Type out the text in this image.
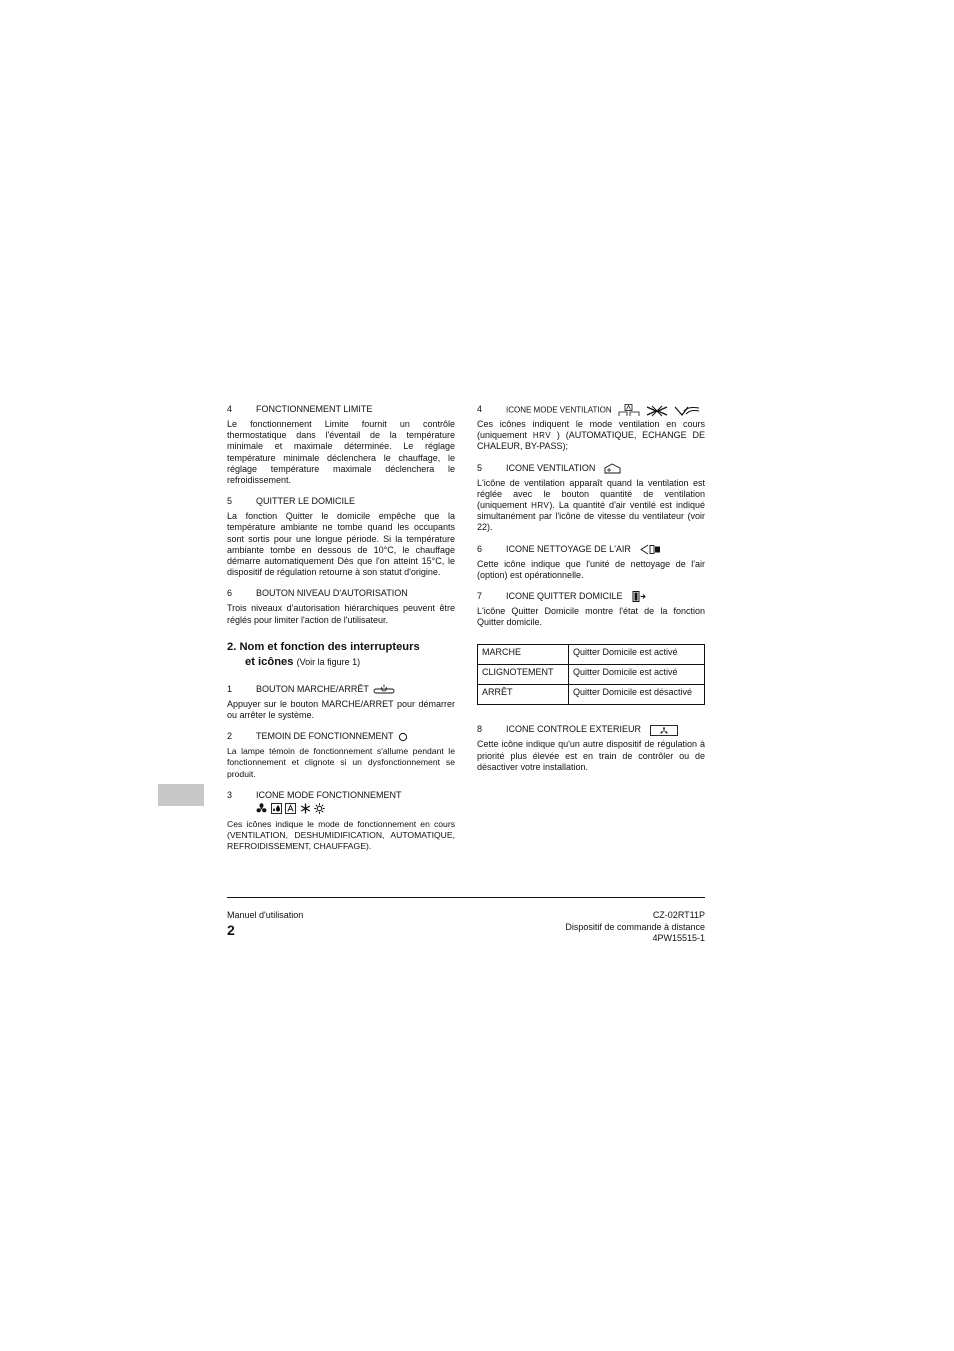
4	FONCTIONNEMENT LIMITE

Le fonctionnement Limite fournit un contrôle thermostatique dans l'éventail de la température minimale et maximale déterminée. Le réglage température minimale déclenchera le chauffage, le réglage température maximale déclenchera le refroidissement.

5	QUITTER LE DOMICILE

La fonction Quitter le domicile empêche que la température ambiante ne tombe quand les occupants sont sortis pour une longue période. Si la température ambiante tombe en dessous de 10°C, le chauffage démarre automatiquement Dès que l'on atteint 15°C, le dispositif de régulation retourne à son statut d'origine.

6	BOUTON NIVEAU D'AUTORISATION

Trois niveaux d'autorisation hiérarchiques peuvent être réglés pour limiter l'action de l'utilisateur.

2. Nom et fonction des interrupteurs
et icônes (Voir la figure 1)
1	BOUTON MARCHE/ARRÊT

Appuyer sur le bouton MARCHE/ARRET pour démarrer ou arrêter le système.

2	TEMOIN DE FONCTIONNEMENT

La lampe témoin de fonctionnement s'allume pendant le fonctionnement et clignote si un dysfonctionnement se produit.

3	ICONE MODE FONCTIONNEMENT

Ces icônes indique le mode de fonctionnement en cours (VENTILATION, DESHUMIDIFICATION, AUTOMATIQUE, REFROIDISSEMENT, CHAUFFAGE).

4	ICONE MODE VENTILATION

Ces icônes indiquent le mode ventilation en cours (uniquement HRV ) (AUTOMATIQUE, ECHANGE DE CHALEUR, BY-PASS);

5	ICONE VENTILATION

L'icône de ventilation apparaît quand la ventilation est réglée avec le bouton quantité de ventilation (uniquement HRV). La quantité d'air ventilé est indiqué simultanément par l'icône de vitesse du ventilateur (voir 22).

6	ICONE NETTOYAGE DE L'AIR

Cette icône indique que l'unité de nettoyage de l'air (option) est opérationnelle.

7	ICONE QUITTER DOMICILE

L'icône Quitter Domicile montre l'état de la fonction Quitter domicile.

MARCHE	Quitter Domicile est activé
CLIGNOTEMENT	Quitter Domicile est activé
ARRÊT	Quitter Domicile est désactivé
8	ICONE CONTROLE EXTERIEUR

Cette icône indique qu'un autre dispositif de régulation à priorité plus élevée est en train de contrôler ou de désactiver votre installation.

Manuel d'utilisation
2
CZ-02RT11P
Dispositif de commande à distance
4PW15515-1
